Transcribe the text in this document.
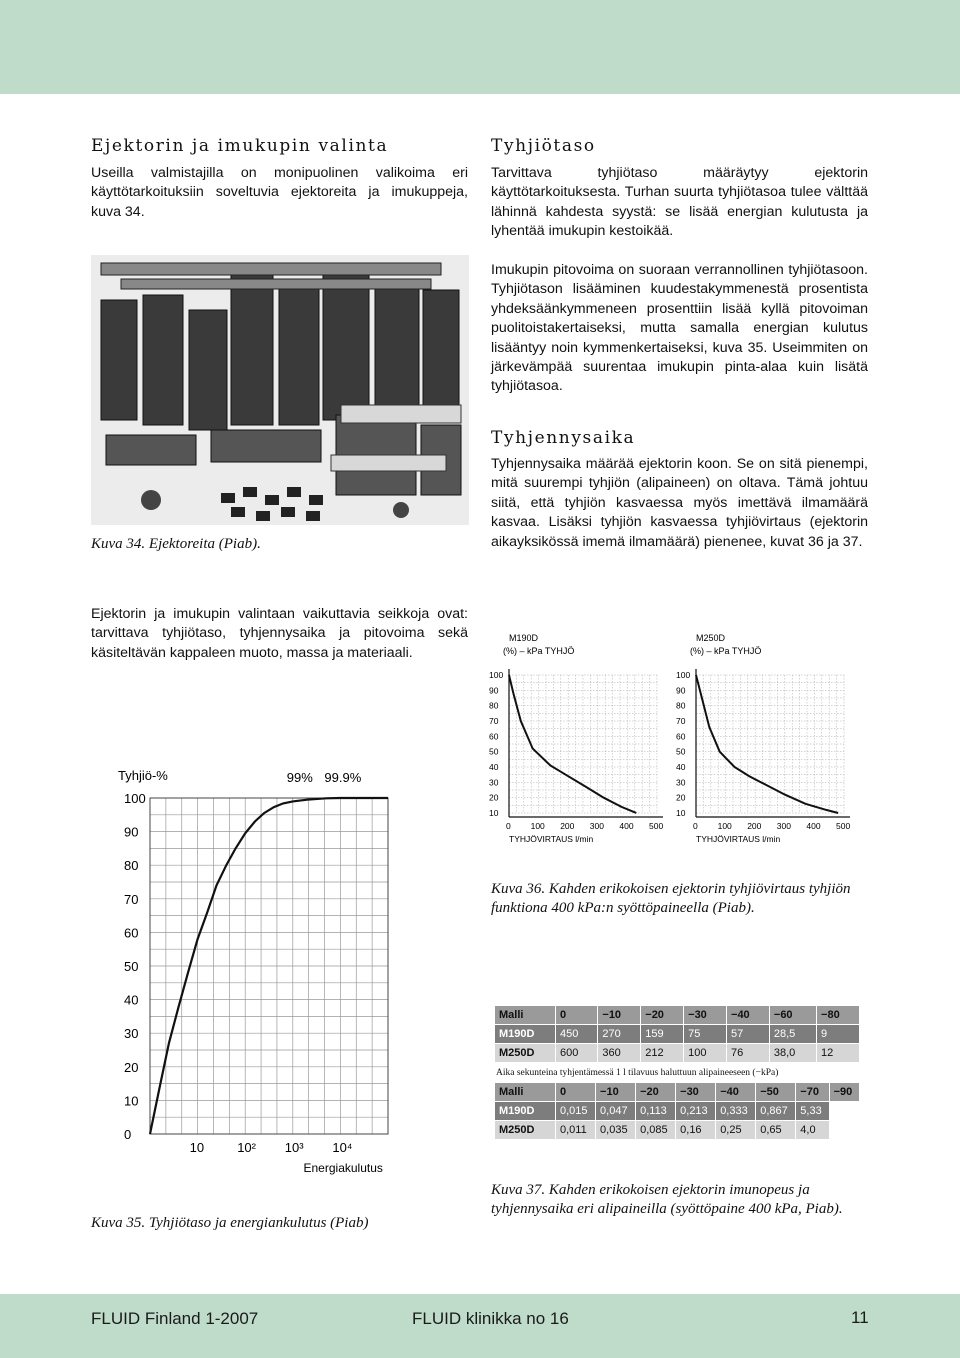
Ejektorin ja imukupin valinta
Useilla valmistajilla on monipuolinen valikoima eri käyttötarkoituksiin soveltuvia ejektoreita ja imukuppeja, kuva 34.
Kuva 34. Ejektoreita (Piab).
Ejektorin ja imukupin valintaan vaikuttavia seikkoja ovat: tarvittava tyhjiötaso, tyhjennysaika ja pitovoima sekä käsiteltävän kappaleen muoto, massa ja materiaali.
Tyhjiö-%
0
10
20
30
40
50
60
70
80
90
100
10	10² 10³ 10⁴
Energiakulutus
99% 99.9%
Kuva 35. Tyhjiötaso ja energiankulutus (Piab)
Tyhjiötaso
Tarvittava tyhjiötaso määräytyy ejektorin käyttötarkoituksesta. Turhan suurta tyhjiötasoa tulee välttää lähinnä kahdesta syystä: se lisää energian kulutusta ja lyhentää imukupin kestoikää.
Imukupin pitovoima on suoraan verrannollinen tyhjiötasoon. Tyhjiötason lisääminen kuudestakymmenestä prosentista yhdeksäänkymmeneen prosenttiin lisää kyllä pitovoiman puolitoistakertaiseksi, mutta samalla energian kulutus lisääntyy noin kymmenkertaiseksi, kuva 35. Useimmiten on järkevämpää suurentaa imukupin pinta-alaa kuin lisätä tyhjiötasoa.
Tyhjennysaika
Tyhjennysaika määrää ejektorin koon. Se on sitä pienempi, mitä suurempi tyhjiön (alipaineen) on oltava. Tämä johtuu siitä, että tyhjiön kasvaessa myös imettävä ilmamäärä kasvaa. Lisäksi tyhjiön kasvaessa tyhjiövirtaus (ejektorin aikayksikössä imemä ilmamäärä) pienenee, kuvat 36 ja 37.
M190D
(%) – kPa TYHJÖ
10
20
30
40
50
60
70
80
90
100
0 100 200 300 400 500
TYHJÖVIRTAUS l/min
M250D
(%) – kPa TYHJÖ
10
20
30
40
50
60
70
80
90
100
0 100 200 300 400 500
TYHJÖVIRTAUS l/min
Kuva 36. Kahden erikokoisen ejektorin tyhjiövirtaus tyhjiön funktiona 400 kPa:n syöttöpaineella (Piab).
Malli	0	−10	−20	−30	−40	−60	−80
M190D	450	270	159	75	57	28,5	9
M250D	600	360	212	100	76	38,0	12
Aika sekunteina tyhjentämessä 1 l tilavuus haluttuun alipaineeseen (−kPa)
Malli	0	−10	−20	−30	−40	−50	−70	−90
M190D	0,015	0,047	0,113	0,213	0,333	0,867	5,33	
M250D	0,011	0,035	0,085	0,16	0,25	0,65	4,0	
Kuva 37. Kahden erikokoisen ejektorin imunopeus ja tyhjennysaika eri alipaineilla (syöttöpaine 400 kPa, Piab).
FLUID Finland 1-2007	FLUID klinikka no 16	11
